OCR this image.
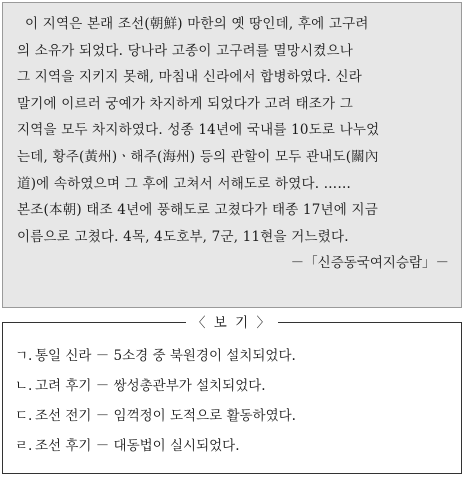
이 지역은 본래 조선(朝鮮) 마한의 옛 땅인데, 후에 고구려
의 소유가 되었다. 당나라 고종이 고구려를 멸망시켰으나
그 지역을 지키지 못해, 마침내 신라에서 합병하였다. 신라
말기에 이르러 궁예가 차지하게 되었다가 고려 태조가 그
지역을 모두 차지하였다. 성종 14년에 국내를 10도로 나누었
는데, 황주(黃州)ㆍ해주(海州) 등의 관할이 모두 관내도(關內
道)에 속하였으며 그 후에 고쳐서 서해도로 하였다. ……
본조(本朝) 태조 4년에 풍해도로 고쳤다가 태종 17년에 지금
이름으로 고쳤다. 4목, 4도호부, 7군, 11현을 거느렸다.
－「신증동국여지승람」－
〈 보 기 〉
ㄱ. 통일 신라 － 5소경 중 북원경이 설치되었다.
ㄴ. 고려 후기 － 쌍성총관부가 설치되었다.
ㄷ. 조선 전기 － 임꺽정이 도적으로 활동하였다.
ㄹ. 조선 후기 － 대동법이 실시되었다.
